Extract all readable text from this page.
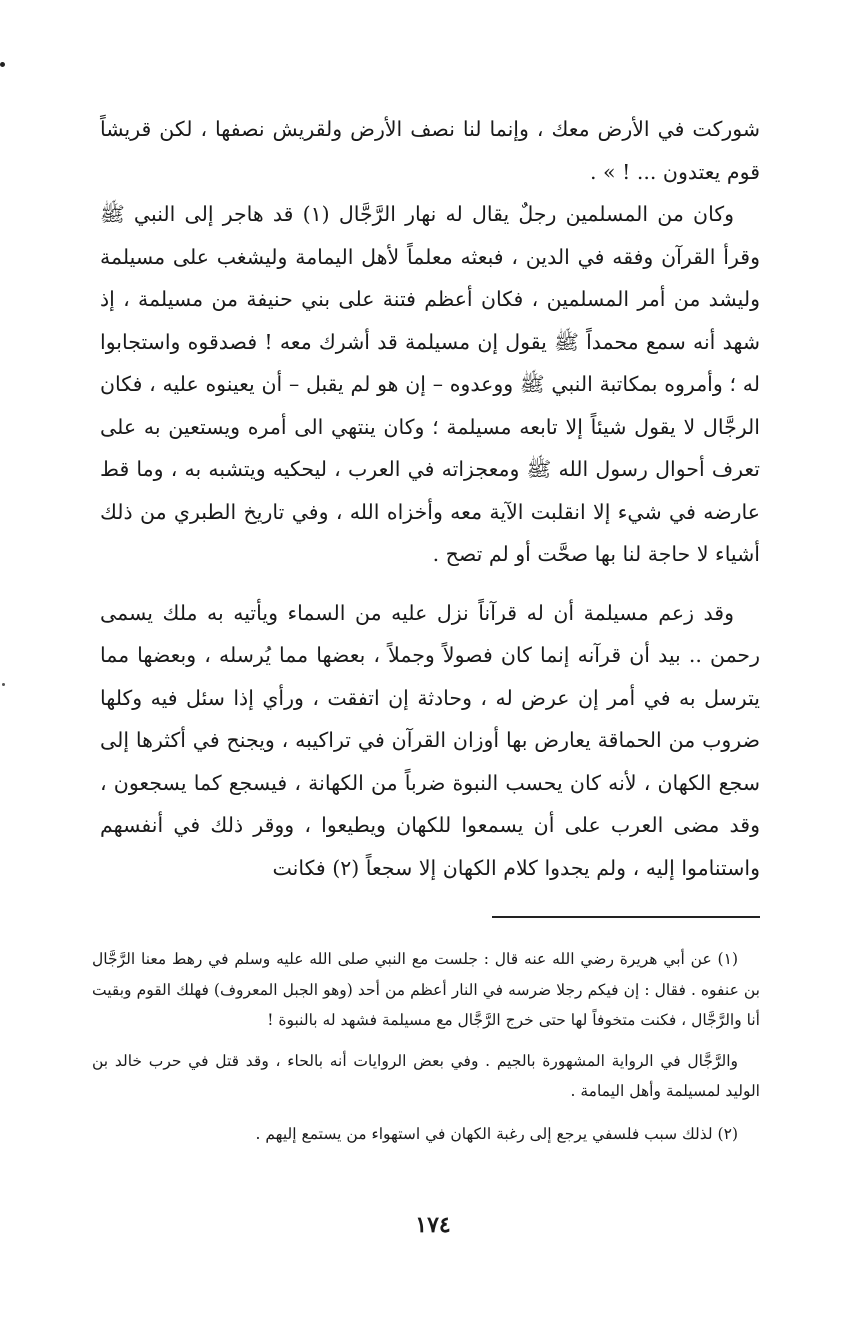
شوركت في الأرض معك ، وإنما لنا نصف الأرض ولقريش نصفها ، لكن قريشاً قوم يعتدون ... ! » .

وكان من المسلمين رجلٌ يقال له نهار الرَّجَّال (١) قد هاجر إلى النبي ﷺ وقرأ القرآن وفقه في الدين ، فبعثه معلماً لأهل اليمامة وليشغب على مسيلمة وليشد من أمر المسلمين ، فكان أعظم فتنة على بني حنيفة من مسيلمة ، إذ شهد أنه سمع محمداً ﷺ يقول إن مسيلمة قد أشرك معه ! فصدقوه واستجابوا له ؛ وأمروه بمكاتبة النبي ﷺ ووعدوه – إن هو لم يقبل – أن يعينوه عليه ، فكان الرجَّال لا يقول شيئاً إلا تابعه مسيلمة ؛ وكان ينتهي الى أمره ويستعين به على تعرف أحوال رسول الله ﷺ ومعجزاته في العرب ، ليحكيه ويتشبه به ، وما قط عارضه في شيء إلا انقلبت الآية معه وأخزاه الله ، وفي تاريخ الطبري من ذلك أشياء لا حاجة لنا بها صحَّت أو لم تصح .

وقد زعم مسيلمة أن له قرآناً نزل عليه من السماء ويأتيه به ملك يسمى رحمن .. بيد أن قرآنه إنما كان فصولاً وجملاً ، بعضها مما يُرسله ، وبعضها مما يترسل به في أمر إن عرض له ، وحادثة إن اتفقت ، ورأي إذا سئل فيه وكلها ضروب من الحماقة يعارض بها أوزان القرآن في تراكيبه ، ويجنح في أكثرها إلى سجع الكهان ، لأنه كان يحسب النبوة ضرباً من الكهانة ، فيسجع كما يسجعون ، وقد مضى العرب على أن يسمعوا للكهان ويطيعوا ، ووقر ذلك في أنفسهم واستناموا إليه ، ولم يجدوا كلام الكهان إلا سجعاً (٢) فكانت

(١) عن أبي هريرة رضي الله عنه قال : جلست مع النبي صلى الله عليه وسلم في رهط معنا الرَّجَّال بن عنفوه . فقال : إن فيكم رجلا ضرسه في النار أعظم من أحد (وهو الجبل المعروف) فهلك القوم وبقيت أنا والرَّجَّال ، فكنت متخوفاً لها حتى خرج الرَّجَّال مع مسيلمة فشهد له بالنبوة !

والرَّجَّال في الرواية المشهورة بالجيم . وفي بعض الروايات أنه بالحاء ، وقد قتل في حرب خالد بن الوليد لمسيلمة وأهل اليمامة .

(٢) لذلك سبب فلسفي يرجع إلى رغبة الكهان في استهواء من يستمع إليهم .

١٧٤
